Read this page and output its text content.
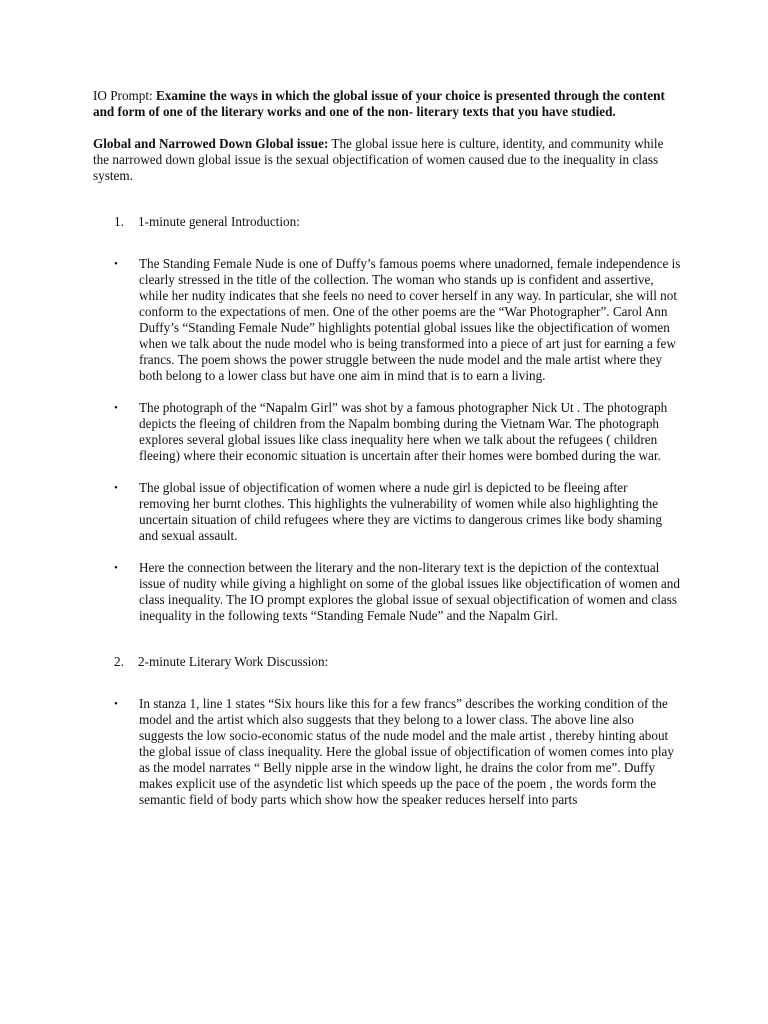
IO Prompt: Examine the ways in which the global issue of your choice is presented through the content and form of one of the literary works and one of the non- literary texts that you have studied.

Global and Narrowed Down Global issue: The global issue here is culture, identity, and community while the narrowed down global issue is the sexual objectification of women caused due to the inequality in class system.

1.	1-minute general Introduction:
•	The Standing Female Nude is one of Duffy’s famous poems where unadorned, female independence is clearly stressed in the title of the collection. The woman who stands up is confident and assertive, while her nudity indicates that she feels no need to cover herself in any way. In particular, she will not conform to the expectations of men. One of the other poems are the “War Photographer”. Carol Ann Duffy’s “Standing Female Nude” highlights potential global issues like the objectification of women when we talk about the nude model who is being transformed into a piece of art just for earning a few francs. The poem shows the power struggle between the nude model and the male artist where they both belong to a lower class but have one aim in mind that is to earn a living.
•	The photograph of the “Napalm Girl” was shot by a famous photographer Nick Ut . The photograph depicts the fleeing of children from the Napalm bombing during the Vietnam War. The photograph explores several global issues like class inequality here when we talk about the refugees ( children fleeing) where their economic situation is uncertain after their homes were bombed during the war.
•	The global issue of objectification of women where a nude girl is depicted to be fleeing after removing her burnt clothes. This highlights the vulnerability of women while also highlighting the uncertain situation of child refugees where they are victims to dangerous crimes like body shaming and sexual assault.
•	Here the connection between the literary and the non-literary text is the depiction of the contextual issue of nudity while giving a highlight on some of the global issues like objectification of women and class inequality. The IO prompt explores the global issue of sexual objectification of women and class inequality in the following texts “Standing Female Nude” and the Napalm Girl.
2.	2-minute Literary Work Discussion:
•	In stanza 1, line 1 states “Six hours like this for a few francs” describes the working condition of the model and the artist which also suggests that they belong to a lower class. The above line also suggests the low socio-economic status of the nude model and the male artist , thereby hinting about the global issue of class inequality. Here the global issue of objectification of women comes into play as the model narrates “ Belly nipple arse in the window light, he drains the color from me”. Duffy makes explicit use of the asyndetic list which speeds up the pace of the poem , the words form the semantic field of body parts which show how the speaker reduces herself into parts
